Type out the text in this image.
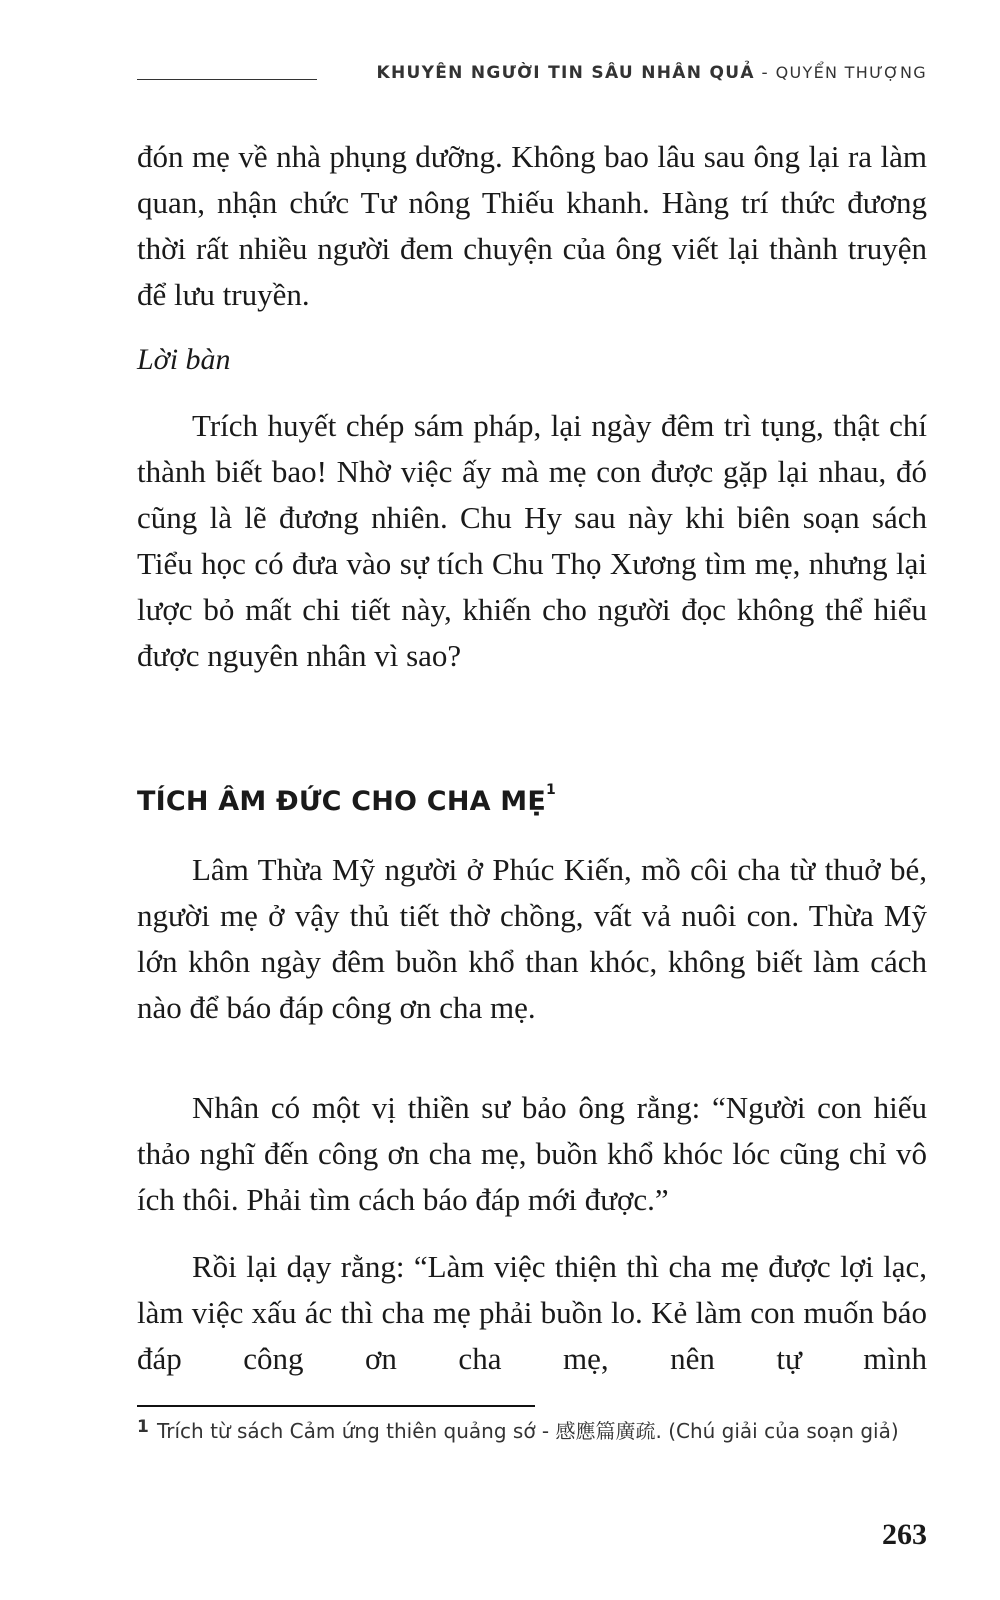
KHUYÊN NGƯỜI TIN SÂU NHÂN QUẢ - QUYỂN THƯỢNG

đón mẹ về nhà phụng dưỡng. Không bao lâu sau ông lại ra làm quan, nhận chức Tư nông Thiếu khanh. Hàng trí thức đương thời rất nhiều người đem chuyện của ông viết lại thành truyện để lưu truyền.

Lời bàn

Trích huyết chép sám pháp, lại ngày đêm trì tụng, thật chí thành biết bao! Nhờ việc ấy mà mẹ con được gặp lại nhau, đó cũng là lẽ đương nhiên. Chu Hy sau này khi biên soạn sách Tiểu học có đưa vào sự tích Chu Thọ Xương tìm mẹ, nhưng lại lược bỏ mất chi tiết này, khiến cho người đọc không thể hiểu được nguyên nhân vì sao?

TÍCH ÂM ĐỨC CHO CHA MẸ$^1$

Lâm Thừa Mỹ người ở Phúc Kiến, mồ côi cha từ thuở bé, người mẹ ở vậy thủ tiết thờ chồng, vất vả nuôi con. Thừa Mỹ lớn khôn ngày đêm buồn khổ than khóc, không biết làm cách nào để báo đáp công ơn cha mẹ.

Nhân có một vị thiền sư bảo ông rằng: “Người con hiếu thảo nghĩ đến công ơn cha mẹ, buồn khổ khóc lóc cũng chỉ vô ích thôi. Phải tìm cách báo đáp mới được.”

Rồi lại dạy rằng: “Làm việc thiện thì cha mẹ được lợi lạc, làm việc xấu ác thì cha mẹ phải buồn lo. Kẻ làm con muốn báo đáp công ơn cha mẹ, nên tự mình

1 Trích từ sách Cảm ứng thiên quảng sớ - 感應篇廣疏. (Chú giải của soạn giả)

263
